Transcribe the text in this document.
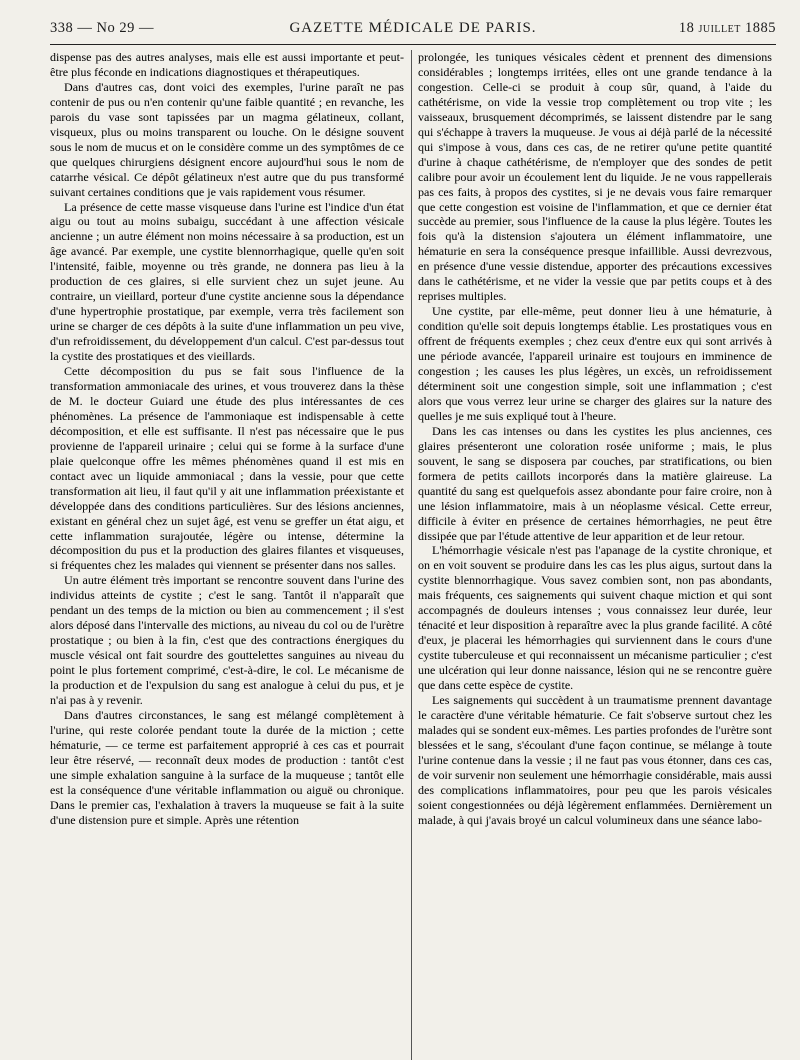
338 — No 29 —	GAZETTE MÉDICALE DE PARIS.	18 juillet 1885

dispense pas des autres analyses, mais elle est aussi importante et peut-être plus féconde en indications diagnostiques et thérapeutiques.

Dans d'autres cas, dont voici des exemples, l'urine paraît ne pas contenir de pus ou n'en contenir qu'une faible quantité ; en revanche, les parois du vase sont tapissées par un magma gélatineux, collant, visqueux, plus ou moins transparent ou louche. On le désigne souvent sous le nom de mucus et on le considère comme un des symptômes de ce que quelques chirurgiens désignent encore aujourd'hui sous le nom de catarrhe vésical. Ce dépôt gélatineux n'est autre que du pus transformé suivant certaines conditions que je vais rapidement vous résumer.

La présence de cette masse visqueuse dans l'urine est l'indice d'un état aigu ou tout au moins subaigu, succédant à une affection vésicale ancienne ; un autre élément non moins nécessaire à sa production, est un âge avancé. Par exemple, une cystite blennorrhagique, quelle qu'en soit l'intensité, faible, moyenne ou très grande, ne donnera pas lieu à la production de ces glaires, si elle survient chez un sujet jeune. Au contraire, un vieillard, porteur d'une cystite ancienne sous la dépendance d'une hypertrophie prostatique, par exemple, verra très facilement son urine se charger de ces dépôts à la suite d'une inflammation un peu vive, d'un refroidissement, du développement d'un calcul. C'est par-dessus tout la cystite des prostatiques et des vieillards.

Cette décomposition du pus se fait sous l'influence de la transformation ammoniacale des urines, et vous trouverez dans la thèse de M. le docteur Guiard une étude des plus intéressantes de ces phénomènes. La présence de l'ammoniaque est indispensable à cette décomposition, et elle est suffisante. Il n'est pas nécessaire que le pus provienne de l'appareil urinaire ; celui qui se forme à la surface d'une plaie quelconque offre les mêmes phénomènes quand il est mis en contact avec un liquide ammoniacal ; dans la vessie, pour que cette transformation ait lieu, il faut qu'il y ait une inflammation préexistante et développée dans des conditions particulières. Sur des lésions anciennes, existant en général chez un sujet âgé, est venu se greffer un état aigu, et cette inflammation surajoutée, légère ou intense, détermine la décomposition du pus et la production des glaires filantes et visqueuses, si fréquentes chez les malades qui viennent se présenter dans nos salles.

Un autre élément très important se rencontre souvent dans l'urine des individus atteints de cystite ; c'est le sang. Tantôt il n'apparaît que pendant un des temps de la miction ou bien au commencement ; il s'est alors déposé dans l'intervalle des mictions, au niveau du col ou de l'urètre prostatique ; ou bien à la fin, c'est que des contractions énergiques du muscle vésical ont fait sourdre des gouttelettes sanguines au niveau du point le plus fortement comprimé, c'est-à-dire, le col. Le mécanisme de la production et de l'expulsion du sang est analogue à celui du pus, et je n'ai pas à y revenir.

Dans d'autres circonstances, le sang est mélangé complètement à l'urine, qui reste colorée pendant toute la durée de la miction ; cette hématurie, — ce terme est parfaitement approprié à ces cas et pourrait leur être réservé, — reconnaît deux modes de production : tantôt c'est une simple exhalation sanguine à la surface de la muqueuse ; tantôt elle est la conséquence d'une véritable inflammation ou aiguë ou chronique. Dans le premier cas, l'exhalation à travers la muqueuse se fait à la suite d'une distension pure et simple. Après une rétention

prolongée, les tuniques vésicales cèdent et prennent des dimensions considérables ; longtemps irritées, elles ont une grande tendance à la congestion. Celle-ci se produit à coup sûr, quand, à l'aide du cathétérisme, on vide la vessie trop complètement ou trop vite ; les vaisseaux, brusquement décomprimés, se laissent distendre par le sang qui s'échappe à travers la muqueuse. Je vous ai déjà parlé de la nécessité qui s'impose à vous, dans ces cas, de ne retirer qu'une petite quantité d'urine à chaque cathétérisme, de n'employer que des sondes de petit calibre pour avoir un écoulement lent du liquide. Je ne vous rappellerais pas ces faits, à propos des cystites, si je ne devais vous faire remarquer que cette congestion est voisine de l'inflammation, et que ce dernier état succède au premier, sous l'influence de la cause la plus légère. Toutes les fois qu'à la distension s'ajoutera un élément inflammatoire, une hématurie en sera la conséquence presque infaillible. Aussi devrezvous, en présence d'une vessie distendue, apporter des précautions excessives dans le cathétérisme, et ne vider la vessie que par petits coups et à des reprises multiples.

Une cystite, par elle-même, peut donner lieu à une hématurie, à condition qu'elle soit depuis longtemps établie. Les prostatiques vous en offrent de fréquents exemples ; chez ceux d'entre eux qui sont arrivés à une période avancée, l'appareil urinaire est toujours en imminence de congestion ; les causes les plus légères, un excès, un refroidissement déterminent soit une congestion simple, soit une inflammation ; c'est alors que vous verrez leur urine se charger des glaires sur la nature des quelles je me suis expliqué tout à l'heure.

Dans les cas intenses ou dans les cystites les plus anciennes, ces glaires présenteront une coloration rosée uniforme ; mais, le plus souvent, le sang se disposera par couches, par stratifications, ou bien formera de petits caillots incorporés dans la matière glaireuse. La quantité du sang est quelquefois assez abondante pour faire croire, non à une lésion inflammatoire, mais à un néoplasme vésical. Cette erreur, difficile à éviter en présence de certaines hémorrhagies, ne peut être dissipée que par l'étude attentive de leur apparition et de leur retour.

L'hémorrhagie vésicale n'est pas l'apanage de la cystite chronique, et on en voit souvent se produire dans les cas les plus aigus, surtout dans la cystite blennorrhagique. Vous savez combien sont, non pas abondants, mais fréquents, ces saignements qui suivent chaque miction et qui sont accompagnés de douleurs intenses ; vous connaissez leur durée, leur ténacité et leur disposition à reparaître avec la plus grande facilité. A côté d'eux, je placerai les hémorrhagies qui surviennent dans le cours d'une cystite tuberculeuse et qui reconnaissent un mécanisme particulier ; c'est une ulcération qui leur donne naissance, lésion qui ne se rencontre guère que dans cette espèce de cystite.

Les saignements qui succèdent à un traumatisme prennent davantage le caractère d'une véritable hématurie. Ce fait s'observe surtout chez les malades qui se sondent eux-mêmes. Les parties profondes de l'urètre sont blessées et le sang, s'écoulant d'une façon continue, se mélange à toute l'urine contenue dans la vessie ; il ne faut pas vous étonner, dans ces cas, de voir survenir non seulement une hémorrhagie considérable, mais aussi des complications inflammatoires, pour peu que les parois vésicales soient congestionnées ou déjà légèrement enflammées. Dernièrement un malade, à qui j'avais broyé un calcul volumineux dans une séance labo-
